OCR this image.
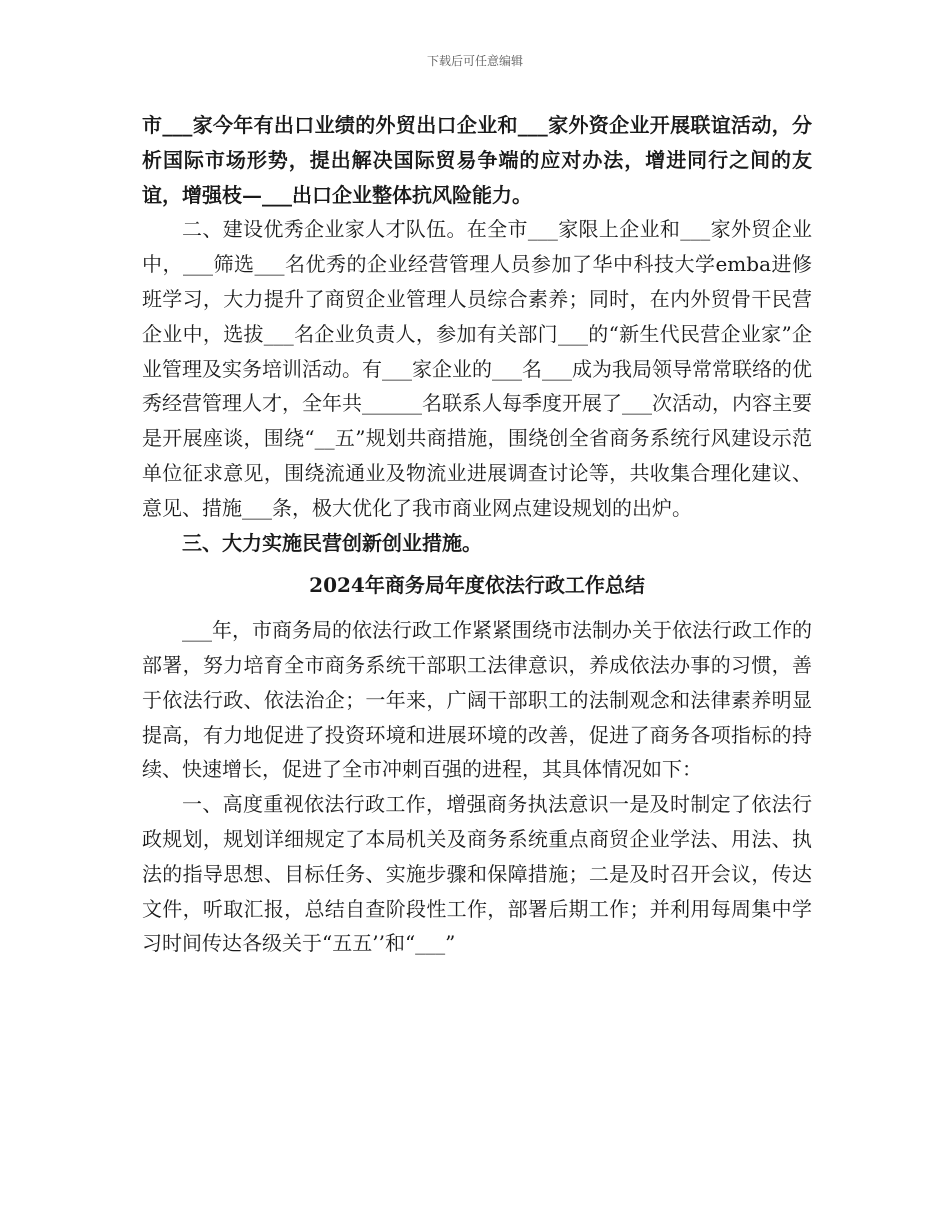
下载后可任意编辑

市___家今年有出口业绩的外贸出口企业和___家外资企业开展联谊活动，分析国际市场形势，提出解决国际贸易争端的应对办法，增进同行之间的友谊，增强枝—___出口企业整体抗风险能力。

二、建设优秀企业家人才队伍。在全市___家限上企业和___家外贸企业中，___筛选___名优秀的企业经营管理人员参加了华中科技大学emba进修班学习，大力提升了商贸企业管理人员综合素养；同时，在内外贸骨干民营企业中，选拔___名企业负责人，参加有关部门___的“新生代民营企业家”企业管理及实务培训活动。有___家企业的___名___成为我局领导常常联络的优秀经营管理人才，全年共______名联系人每季度开展了___次活动，内容主要是开展座谈，围绕“__五”规划共商措施，围绕创全省商务系统行风建设示范单位征求意见，围绕流通业及物流业进展调查讨论等，共收集合理化建议、意见、措施___条，极大优化了我市商业网点建设规划的出炉。

三、大力实施民营创新创业措施。

2024年商务局年度依法行政工作总结

___年，市商务局的依法行政工作紧紧围绕市法制办关于依法行政工作的部署，努力培育全市商务系统干部职工法律意识，养成依法办事的习惯，善于依法行政、依法治企；一年来，广阔干部职工的法制观念和法律素养明显提高，有力地促进了投资环境和进展环境的改善，促进了商务各项指标的持续、快速增长，促进了全市冲刺百强的进程，其具体情况如下：

一、高度重视依法行政工作，增强商务执法意识一是及时制定了依法行政规划，规划详细规定了本局机关及商务系统重点商贸企业学法、用法、执法的指导思想、目标任务、实施步骤和保障措施；二是及时召开会议，传达文件，听取汇报，总结自查阶段性工作，部署后期工作；并利用每周集中学习时间传达各级关于“五五’’和“___”
